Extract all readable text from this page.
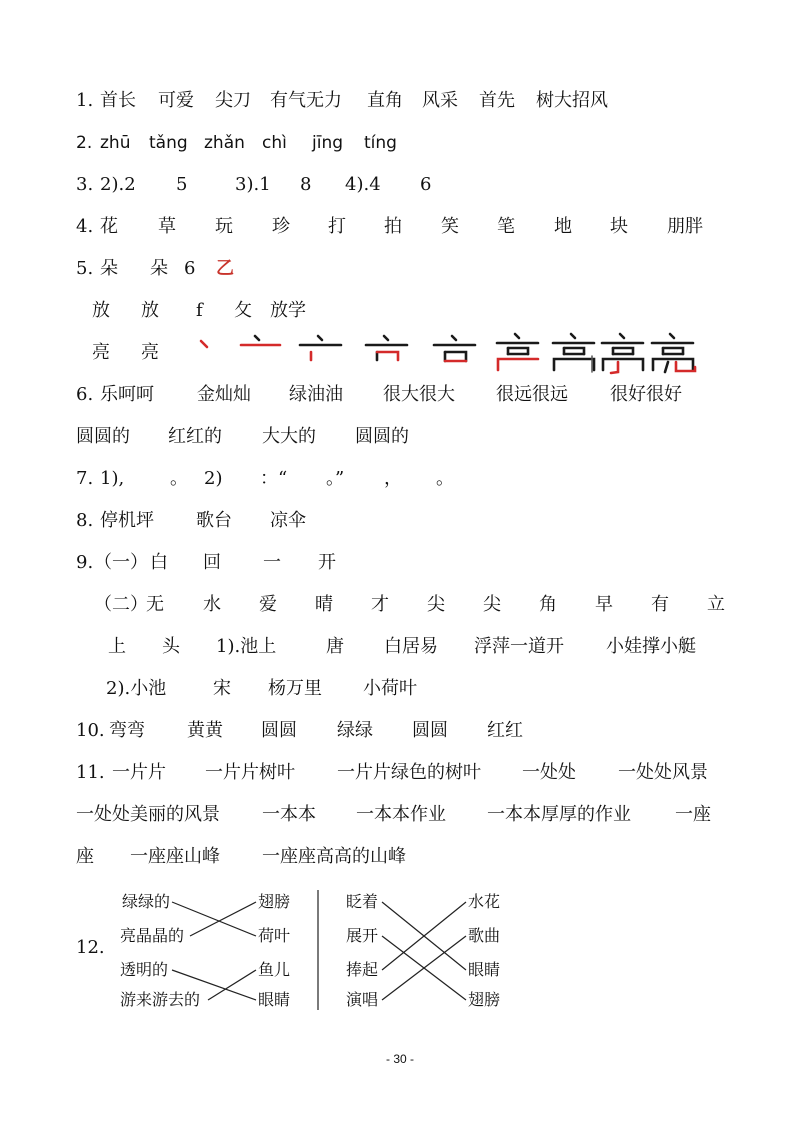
1. 首长 可爱 尖刀 有气无力 直角 风采 首先 树大招风
2. zhū tǎng zhǎn chì jīng tíng
3. 2).2 5	3).1 8 4).4 6
4. 花 草 玩 珍 打 拍 笑 笔 地 块 朋胖
5. 朵 朵 6 乙
放 放 f 攵 放学
亮 亮
6. 乐呵呵 金灿灿 绿油油 很大很大 很远很远 很好很好
圆圆的 红红的 大大的 圆圆的
7. 1),	。 2) ：“ 。” ， 。
8. 停机坪 歌台 凉伞
9. （一） 白 回 一 开
（二）
无 水 爱 晴 才 尖 尖 角 早 有 立
上 头 1).池上	唐 白居易 浮萍一道开 小娃撑小艇
2).小池	宋 杨万里 小荷叶
10. 弯弯 黄黄 圆圆 绿绿 圆圆 红红
11. 一片片 一片片树叶 一片片绿色的树叶 一处处 一处处风景
一处处美丽的风景 一本本 一本本作业 一本本厚厚的作业 一座
座 一座座山峰 一座座高高的山峰
12.
绿绿的
亮晶晶的
透明的
游来游去的
翅膀
荷叶
鱼儿
眼睛
眨着
展开
捧起
演唱
水花
歌曲
眼睛
翅膀
- 30 -
